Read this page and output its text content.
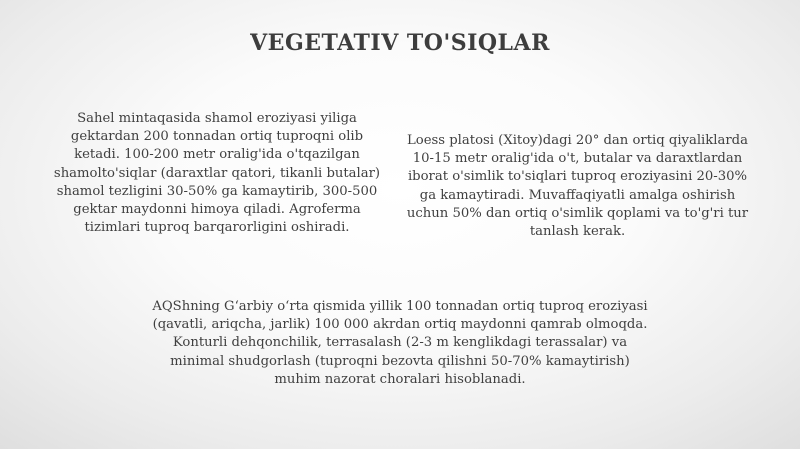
VEGETATIV TO'SIQLAR

Sahel mintaqasida shamol eroziyasi yiliga gektardan 200 tonnadan ortiq tuproqni olib ketadi. 100-200 metr oralig'ida o'tqazilgan shamolto'siqlar (daraxtlar qatori, tikanli butalar) shamol tezligini 30-50% ga kamaytirib, 300-500 gektar maydonni himoya qiladi. Agroferma tizimlari tuproq barqarorligini oshiradi.

Loess platosi (Xitoy)dagi 20° dan ortiq qiyaliklarda 10-15 metr oralig'ida o't, butalar va daraxtlardan iborat o'simlik to'siqlari tuproq eroziyasini 20-30% ga kamaytiradi. Muvaffaqiyatli amalga oshirish uchun 50% dan ortiq o'simlik qoplami va to'g'ri tur tanlash kerak.

AQShning G‘arbiy o‘rta qismida yillik 100 tonnadan ortiq tuproq eroziyasi (qavatli, ariqcha, jarlik) 100 000 akrdan ortiq maydonni qamrab olmoqda. Konturli dehqonchilik, terrasalash (2-3 m kenglikdagi terassalar) va minimal shudgorlash (tuproqni bezovta qilishni 50-70% kamaytirish) muhim nazorat choralari hisoblanadi.
